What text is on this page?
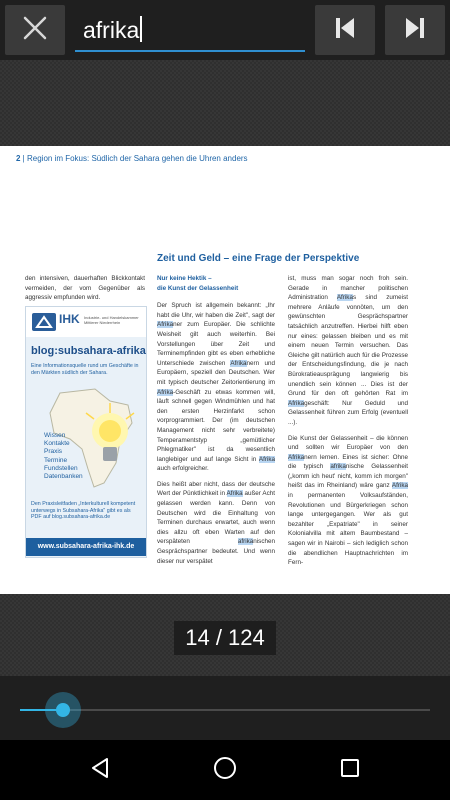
afrika
2 | Region im Fokus: Südlich der Sahara gehen die Uhren anders
Zeit und Geld – eine Frage der Perspektive

den intensiven, dauerhaften Blickkontakt vermeiden, der vom Gegenüber als aggressiv empfunden wird.

IHK Industrie- und Handelskammer Mittlerer Niederrhein
blog:subsahara-afrika
Eine Informationsquelle rund um Geschäfte in den Märkten südlich der Sahara.
Wissen
Kontakte
Praxis
Termine
Fundstellen
Datenbanken
Den Praxisleitfaden „Interkulturell kompetent unterwegs in Subsahara-Afrika" gibt es als PDF auf blog.subsahara-afrika.de
www.subsahara-afrika-ihk.de
Nur keine Hektik –
die Kunst der Gelassenheit

Der Spruch ist allgemein bekannt: „Ihr habt die Uhr, wir haben die Zeit", sagt der Afrikaner zum Europäer. Die schlichte Weisheit gilt auch weiterhin. Bei Vorstellungen über Zeit und Terminempfinden gibt es eben erhebliche Unterschiede zwischen Afrikanern und Europäern, speziell den Deutschen. Wer mit typisch deutscher Zeitorientierung im Afrika-Geschäft zu etwas kommen will, läuft schnell gegen Windmühlen und hat den ersten Herzinfarkt schon vorprogrammiert. Der (im deutschen Management nicht sehr verbreitete) Temperamentstyp „gemütlicher Phlegmatiker" ist da wesentlich langlebiger und auf lange Sicht in Afrika auch erfolgreicher.

Dies heißt aber nicht, dass der deutsche Wert der Pünktlichkeit in Afrika außer Acht gelassen werden kann. Denn von Deutschen wird die Einhaltung von Terminen durchaus erwartet, auch wenn dies allzu oft eben Warten auf den verspäteten afrikanischen Gesprächspartner bedeutet. Und wenn dieser nur verspätet

ist, muss man sogar noch froh sein. Gerade in mancher politischen Administration Afrikas sind zumeist mehrere Anläufe vonnöten, um den gewünschten Gesprächspartner tatsächlich anzutreffen. Hierbei hilft eben nur eines: gelassen bleiben und es mit einem neuen Termin versuchen. Das Gleiche gilt natürlich auch für die Prozesse der Entscheidungsfindung, die je nach Bürokratieausprägung langwierig bis unendlich sein können ... Dies ist der Grund für den oft gehörten Rat im Afrikageschäft: Nur Geduld und Gelassenheit führen zum Erfolg (eventuell ...).

Die Kunst der Gelassenheit – die können und sollten wir Europäer von den Afrikanern lernen. Eines ist sicher: Ohne die typisch afrikanische Gelassenheit („komm ich heut' nicht, komm ich morgen" heißt das im Rheinland) wäre ganz Afrika in permanenten Volksaufständen, Revolutionen und Bürgerkriegen schon lange untergegangen. Wer als gut bezahlter „Expatriate" in seiner Kolonialvilla mit altem Baumbestand – sagen wir in Nairobi – sich lediglich schon die abendlichen Hauptnachrichten im Fern-

14 / 124
